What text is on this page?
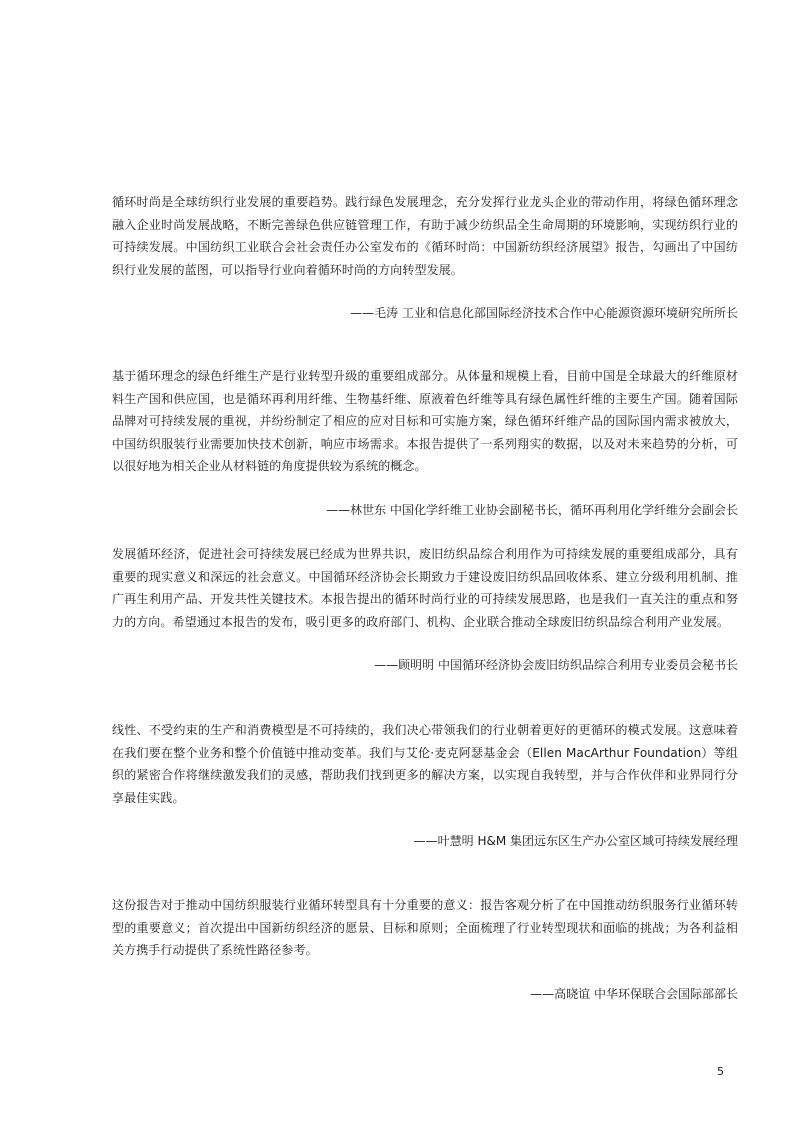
循环时尚是全球纺织行业发展的重要趋势。践行绿色发展理念，充分发挥行业龙头企业的带动作用，将绿色循环理念融入企业时尚发展战略，不断完善绿色供应链管理工作，有助于减少纺织品全生命周期的环境影响，实现纺织行业的可持续发展。中国纺织工业联合会社会责任办公室发布的《循环时尚：中国新纺织经济展望》报告，勾画出了中国纺织行业发展的蓝图，可以指导行业向着循环时尚的方向转型发展。

——毛涛 工业和信息化部国际经济技术合作中心能源资源环境研究所所长

基于循环理念的绿色纤维生产是行业转型升级的重要组成部分。从体量和规模上看，目前中国是全球最大的纤维原材料生产国和供应国，也是循环再利用纤维、生物基纤维、原液着色纤维等具有绿色属性纤维的主要生产国。随着国际品牌对可持续发展的重视，并纷纷制定了相应的应对目标和可实施方案，绿色循环纤维产品的国际国内需求被放大，中国纺织服装行业需要加快技术创新，响应市场需求。本报告提供了一系列翔实的数据，以及对未来趋势的分析，可以很好地为相关企业从材料链的角度提供较为系统的概念。

——林世东 中国化学纤维工业协会副秘书长，循环再利用化学纤维分会副会长

发展循环经济，促进社会可持续发展已经成为世界共识，废旧纺织品综合利用作为可持续发展的重要组成部分，具有重要的现实意义和深远的社会意义。中国循环经济协会长期致力于建设废旧纺织品回收体系、建立分级利用机制、推广再生利用产品、开发共性关键技术。本报告提出的循环时尚行业的可持续发展思路，也是我们一直关注的重点和努力的方向。希望通过本报告的发布，吸引更多的政府部门、机构、企业联合推动全球废旧纺织品综合利用产业发展。

——顾明明 中国循环经济协会废旧纺织品综合利用专业委员会秘书长

线性、不受约束的生产和消费模型是不可持续的，我们决心带领我们的行业朝着更好的更循环的模式发展。这意味着在我们要在整个业务和整个价值链中推动变革。我们与艾伦·麦克阿瑟基金会（Ellen MacArthur Foundation）等组织的紧密合作将继续激发我们的灵感，帮助我们找到更多的解决方案，以实现自我转型，并与合作伙伴和业界同行分享最佳实践。

——叶慧明 H&M 集团远东区生产办公室区域可持续发展经理

这份报告对于推动中国纺织服装行业循环转型具有十分重要的意义：报告客观分析了在中国推动纺织服务行业循环转型的重要意义；首次提出中国新纺织经济的愿景、目标和原则；全面梳理了行业转型现状和面临的挑战；为各利益相关方携手行动提供了系统性路径参考。

——高晓谊 中华环保联合会国际部部长

5
